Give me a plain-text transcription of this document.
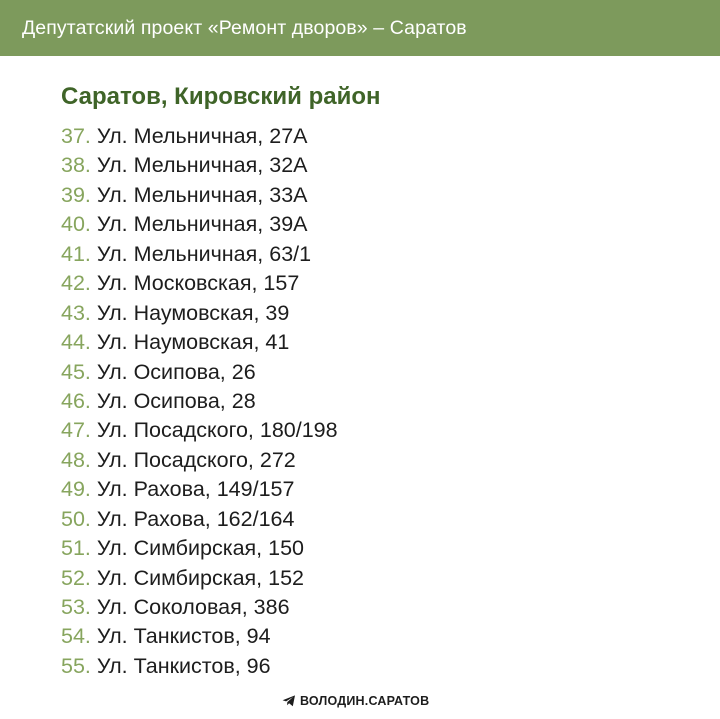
Депутатский проект «Ремонт дворов» – Саратов
Саратов, Кировский район
37. Ул. Мельничная, 27А
38. Ул. Мельничная, 32А
39. Ул. Мельничная, 33А
40. Ул. Мельничная, 39А
41. Ул. Мельничная, 63/1
42. Ул. Московская, 157
43. Ул. Наумовская, 39
44. Ул. Наумовская, 41
45. Ул. Осипова, 26
46. Ул. Осипова, 28
47. Ул. Посадского, 180/198
48. Ул. Посадского, 272
49. Ул. Рахова, 149/157
50. Ул. Рахова, 162/164
51. Ул. Симбирская, 150
52. Ул. Симбирская, 152
53. Ул. Соколовая, 386
54. Ул. Танкистов, 94
55. Ул. Танкистов, 96
ВОЛОДИН.САРАТОВ
